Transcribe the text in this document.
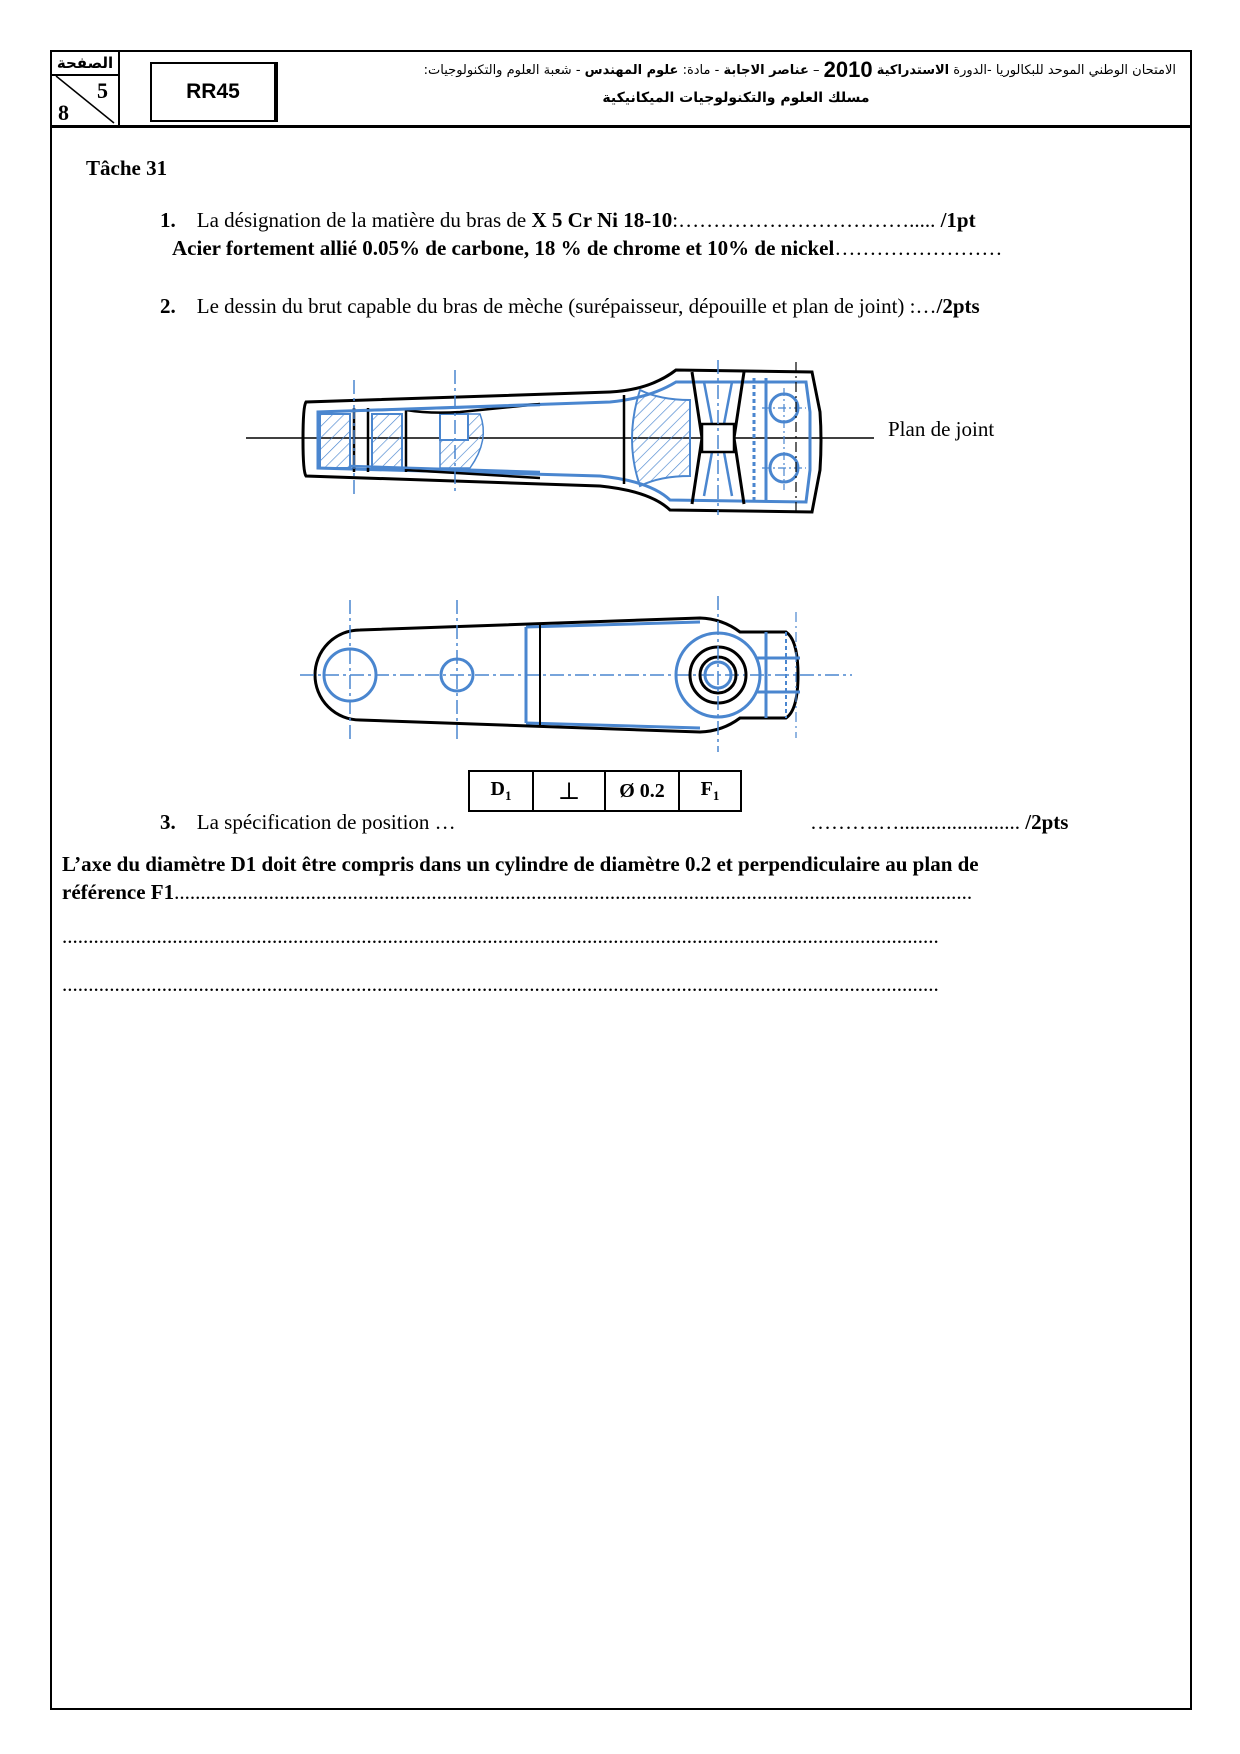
الصفحة
5
8
RR45
الامتحان الوطني الموحد للبكالوريا -الدورة الاستدراكية 2010 – عناصر الاجابة - مادة: علوم المهندس - شعبة العلوم والتكنولوجيات:
مسلك العلوم والتكنولوجيات الميكانيكية
Tâche 31
1. La désignation de la matière du bras de X 5 Cr Ni 18-10:……………………………..... /1pt
Acier fortement allié 0.05% de carbone, 18 % de chrome et 10% de nickel……………………
2. Le dessin du brut capable du bras de mèche (surépaisseur, dépouille et plan de joint) :…/2pts
Plan de joint
3. La spécification de position …
$D_1$	⊥	Ø 0.2	$F_1$
……….…....................... /2pts
L’axe du diamètre D1 doit être compris dans un cylindre de diamètre 0.2 et perpendiculaire au plan de
référence F1........................................................................................................................................................
.......................................................................................................................................................................
.......................................................................................................................................................................
